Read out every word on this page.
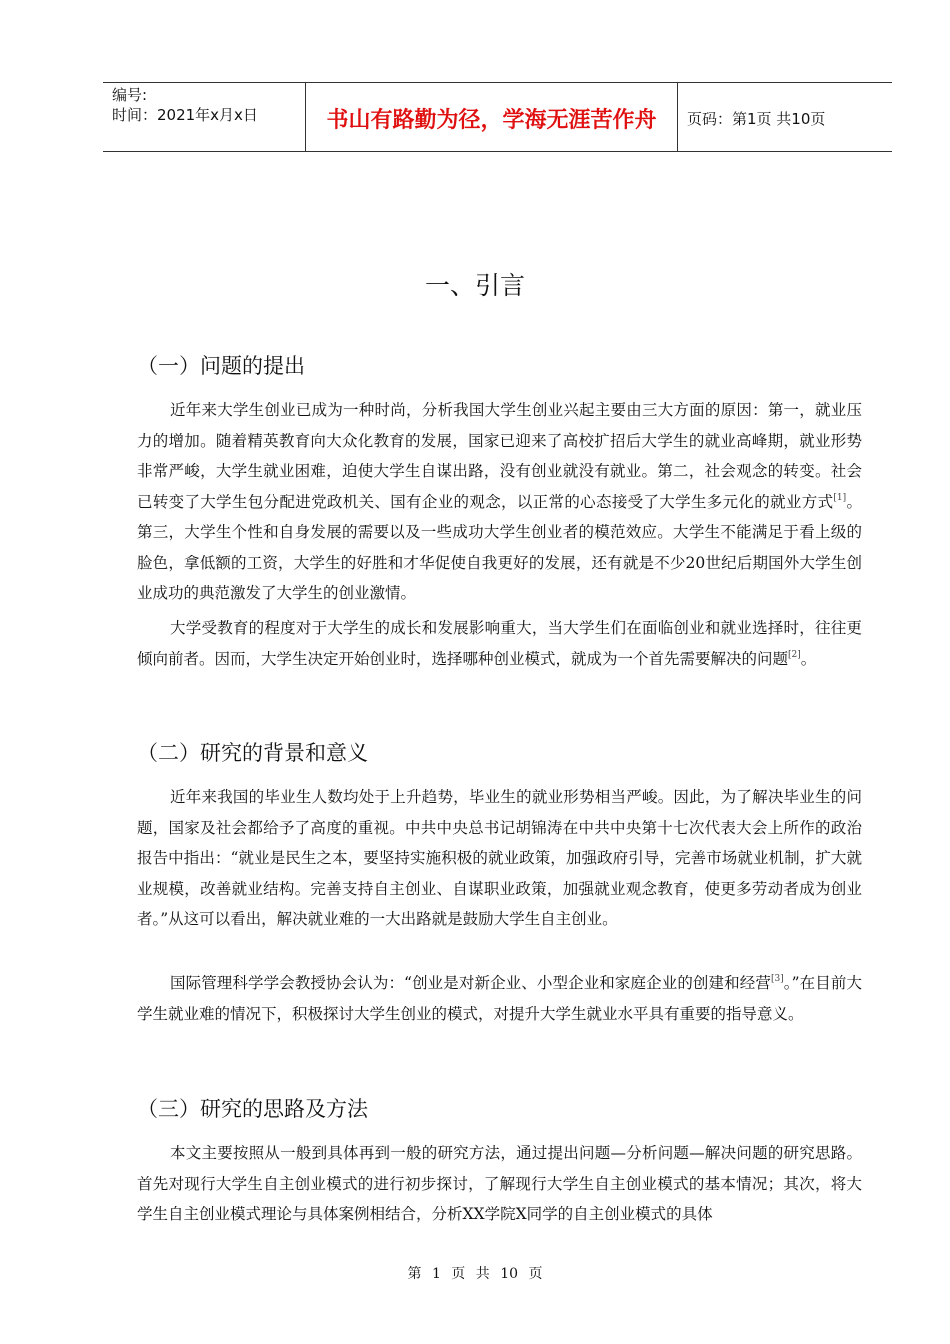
编号:
时间：2021年x月x日	书山有路勤为径，学海无涯苦作舟	页码：第1页 共10页
一、引言
（一）问题的提出

近年来大学生创业已成为一种时尚，分析我国大学生创业兴起主要由三大方面的原因：第一，就业压力的增加。随着精英教育向大众化教育的发展，国家已迎来了高校扩招后大学生的就业高峰期，就业形势非常严峻，大学生就业困难，迫使大学生自谋出路，没有创业就没有就业。第二，社会观念的转变。社会已转变了大学生包分配进党政机关、国有企业的观念，以正常的心态接受了大学生多元化的就业方式[1]。第三，大学生个性和自身发展的需要以及一些成功大学生创业者的模范效应。大学生不能满足于看上级的脸色，拿低额的工资，大学生的好胜和才华促使自我更好的发展，还有就是不少20世纪后期国外大学生创业成功的典范激发了大学生的创业激情。

大学受教育的程度对于大学生的成长和发展影响重大，当大学生们在面临创业和就业选择时，往往更倾向前者。因而，大学生决定开始创业时，选择哪种创业模式，就成为一个首先需要解决的问题[2]。

（二）研究的背景和意义

近年来我国的毕业生人数均处于上升趋势，毕业生的就业形势相当严峻。因此，为了解决毕业生的问题，国家及社会都给予了高度的重视。中共中央总书记胡锦涛在中共中央第十七次代表大会上所作的政治报告中指出：“就业是民生之本，要坚持实施积极的就业政策，加强政府引导，完善市场就业机制，扩大就业规模，改善就业结构。完善支持自主创业、自谋职业政策，加强就业观念教育，使更多劳动者成为创业者。”从这可以看出，解决就业难的一大出路就是鼓励大学生自主创业。

国际管理科学学会教授协会认为：“创业是对新企业、小型企业和家庭企业的创建和经营[3]。”在目前大学生就业难的情况下，积极探讨大学生创业的模式，对提升大学生就业水平具有重要的指导意义。

（三）研究的思路及方法

本文主要按照从一般到具体再到一般的研究方法，通过提出问题—分析问题—解决问题的研究思路。首先对现行大学生自主创业模式的进行初步探讨，了解现行大学生自主创业模式的基本情况；其次，将大学生自主创业模式理论与具体案例相结合，分析XX学院X同学的自主创业模式的具体

第 1 页 共 10 页
